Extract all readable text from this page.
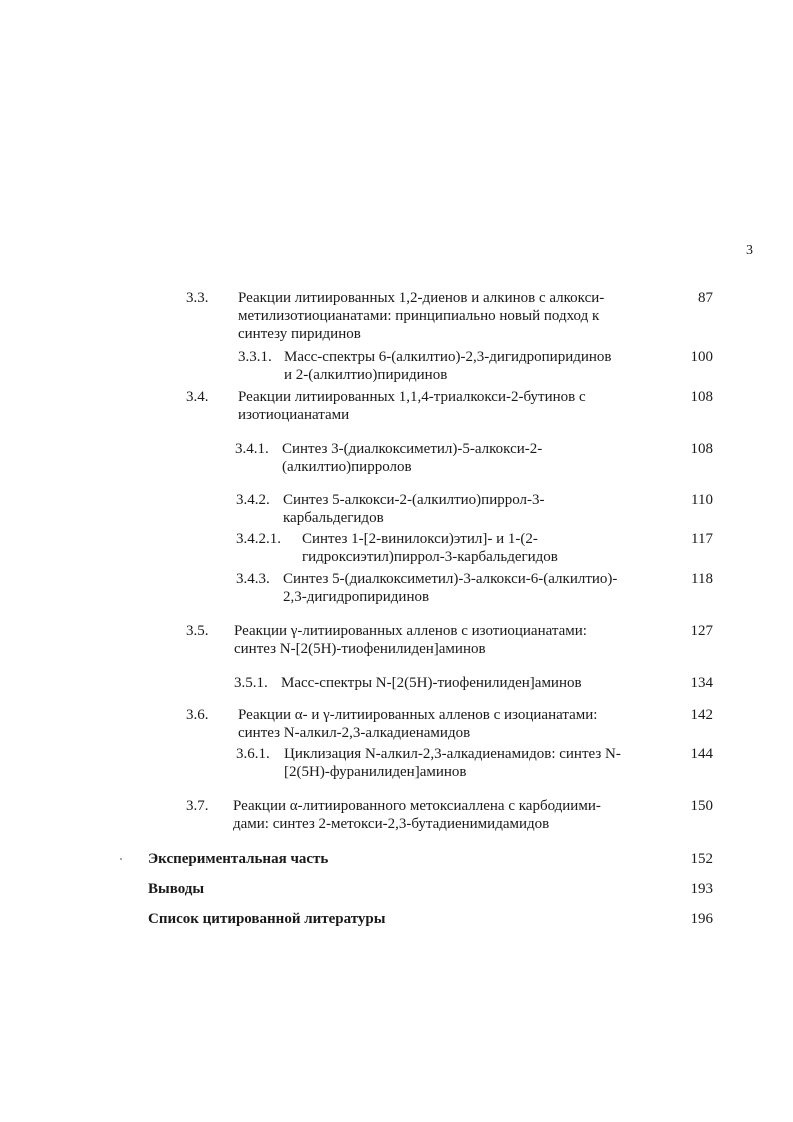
3
3.3. Реакции литиированных 1,2-диенов и алкинов с алкокси-
метилизотиоцианатами: принципиально новый подход к
синтезу пиридинов
87
3.3.1. Масс-спектры 6-(алкилтио)-2,3-дигидропиридинов
и 2-(алкилтио)пиридинов
100
3.4. Реакции литиированных 1,1,4-триалкокси-2-бутинов с
изотиоцианатами
108
3.4.1. Синтез 3-(диалкоксиметил)-5-алкокси-2-
(алкилтио)пирролов
108
3.4.2. Синтез 5-алкокси-2-(алкилтио)пиррол-3-
карбальдегидов
110
3.4.2.1. Синтез 1-[2-винилокси)этил]- и 1-(2-
гидроксиэтил)пиррол-3-карбальдегидов
117
3.4.3. Синтез 5-(диалкоксиметил)-3-алкокси-6-(алкилтио)-
2,3-дигидропиридинов
118
3.5. Реакции γ-литиированных алленов с изотиоцианатами:
синтез N-[2(5H)-тиофенилиден]аминов
127
3.5.1. Масс-спектры N-[2(5H)-тиофенилиден]аминов	134
3.6. Реакции α- и γ-литиированных алленов с изоцианатами:
синтез N-алкил-2,3-алкадиенамидов
142
3.6.1. Циклизация N-алкил-2,3-алкадиенамидов: синтез N-
[2(5H)-фуранилиден]аминов
144
3.7. Реакции α-литиированного метоксиаллена с карбодиими-
дами: синтез 2-метокси-2,3-бутадиенимидамидов
150
Экспериментальная часть	152
Выводы	193
Список цитированной литературы	196
